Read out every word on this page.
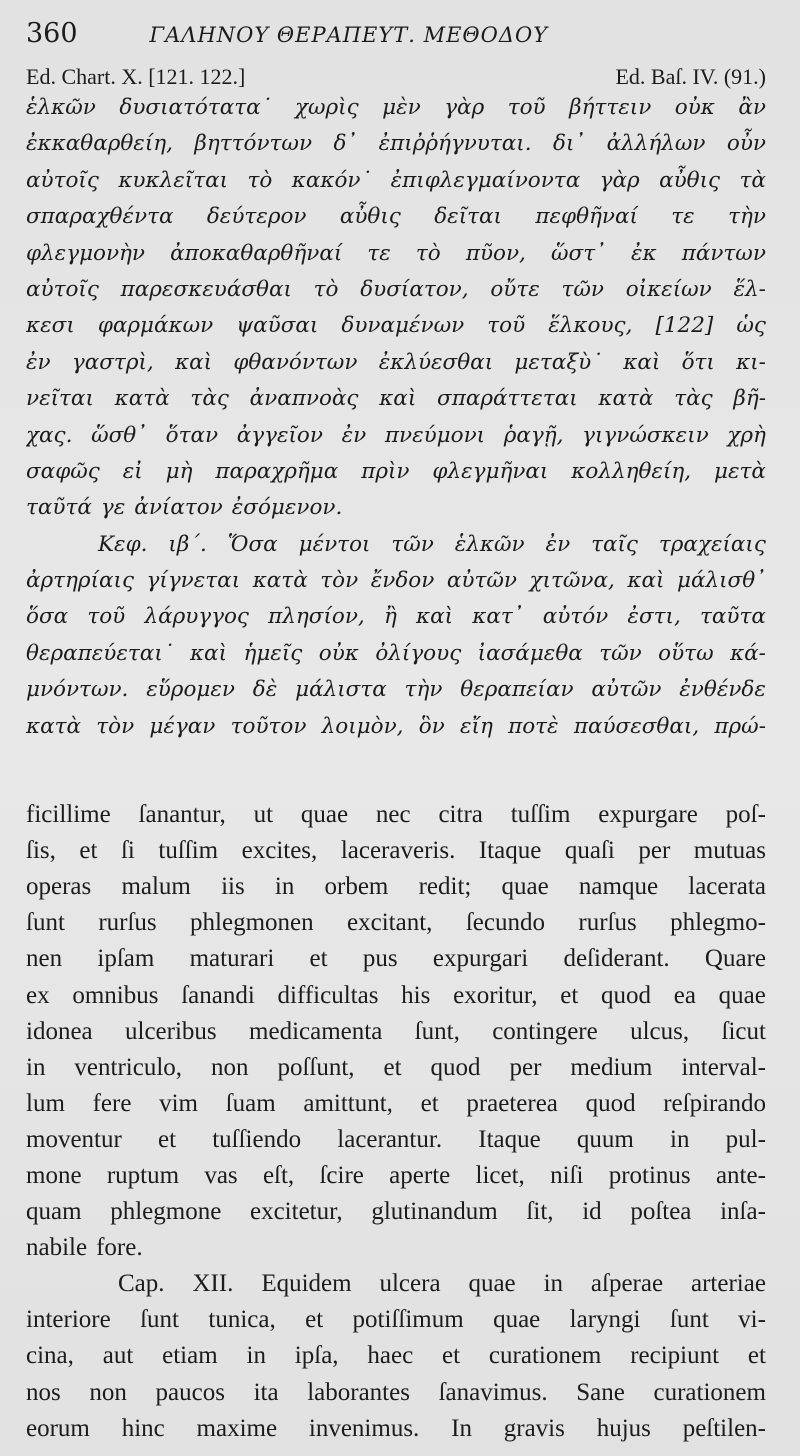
360	ΓΑΛΗΝΟΥ ΘΕΡΑΠΕΥΤ. ΜΕΘΟΔΟΥ
Ed. Chart. X. [121. 122.]	Ed. Baſ. IV. (91.)
ἑλκῶν δυσιατότατα˙ χωρὶς μὲν γὰρ τοῦ βήττειν οὐκ ἂν
ἐκκαθαρθείη, βηττόντων δ᾽ ἐπιῤῥήγνυται. δι᾽ ἀλλήλων οὖν
αὐτοῖς κυκλεῖται τὸ κακόν˙ ἐπιφλεγμαίνοντα γὰρ αὖθις τὰ
σπαραχθέντα δεύτερον αὖθις δεῖται πεφθῆναί τε τὴν
φλεγμονὴν ἀποκαθαρθῆναί τε τὸ πῦον, ὥστ᾽ ἐκ πάντων
αὐτοῖς παρεσκευάσθαι τὸ δυσίατον, οὔτε τῶν οἰκείων ἕλ-
κεσι φαρμάκων ψαῦσαι δυναμένων τοῦ ἕλκους, [122] ὡς
ἐν γαστρὶ, καὶ φθανόντων ἐκλύεσθαι μεταξὺ˙ καὶ ὅτι κι-
νεῖται κατὰ τὰς ἀναπνοὰς καὶ σπαράττεται κατὰ τὰς βῆ-
χας. ὥσθ᾽ ὅταν ἀγγεῖον ἐν πνεύμονι ῥαγῇ, γιγνώσκειν χρὴ
σαφῶς εἰ μὴ παραχρῆμα πρὶν φλεγμῆναι κολληθείη, μετὰ
ταῦτά γε ἀνίατον ἐσόμενον.
Κεφ. ιβ΄. Ὅσα μέντοι τῶν ἑλκῶν ἐν ταῖς τραχείαις
ἀρτηρίαις γίγνεται κατὰ τὸν ἔνδον αὐτῶν χιτῶνα, καὶ μάλισθ᾽
ὅσα τοῦ λάρυγγος πλησίον, ἢ καὶ κατ᾽ αὐτόν ἐστι, ταῦτα
θεραπεύεται˙ καὶ ἡμεῖς οὐκ ὀλίγους ἰασάμεθα τῶν οὕτω κά-
μνόντων. εὕρομεν δὲ μάλιστα τὴν θεραπείαν αὐτῶν ἐνθένδε
κατὰ τὸν μέγαν τοῦτον λοιμὸν, ὃν εἴη ποτὲ παύσεσθαι, πρώ-
ficillime ſanantur, ut quae nec citra tuſſim expurgare poſ-
ſis, et ſi tuſſim excites, laceraveris. Itaque quaſi per mutuas
operas malum iis in orbem redit; quae namque lacerata
ſunt rurſus phlegmonen excitant, ſecundo rurſus phlegmo-
nen ipſam maturari et pus expurgari deſiderant. Quare
ex omnibus ſanandi difficultas his exoritur, et quod ea quae
idonea ulceribus medicamenta ſunt, contingere ulcus, ſicut
in ventriculo, non poſſunt, et quod per medium interval-
lum fere vim ſuam amittunt, et praeterea quod reſpirando
moventur et tuſſiendo lacerantur. Itaque quum in pul-
mone ruptum vas eſt, ſcire aperte licet, niſi protinus ante-
quam phlegmone excitetur, glutinandum ſit, id poſtea inſa-
nabile fore.
Cap. XII. Equidem ulcera quae in aſperae arteriae
interiore ſunt tunica, et potiſſimum quae laryngi ſunt vi-
cina, aut etiam in ipſa, haec et curationem recipiunt et
nos non paucos ita laborantes ſanavimus. Sane curationem
eorum hinc maxime invenimus. In gravis hujus peſtilen-
